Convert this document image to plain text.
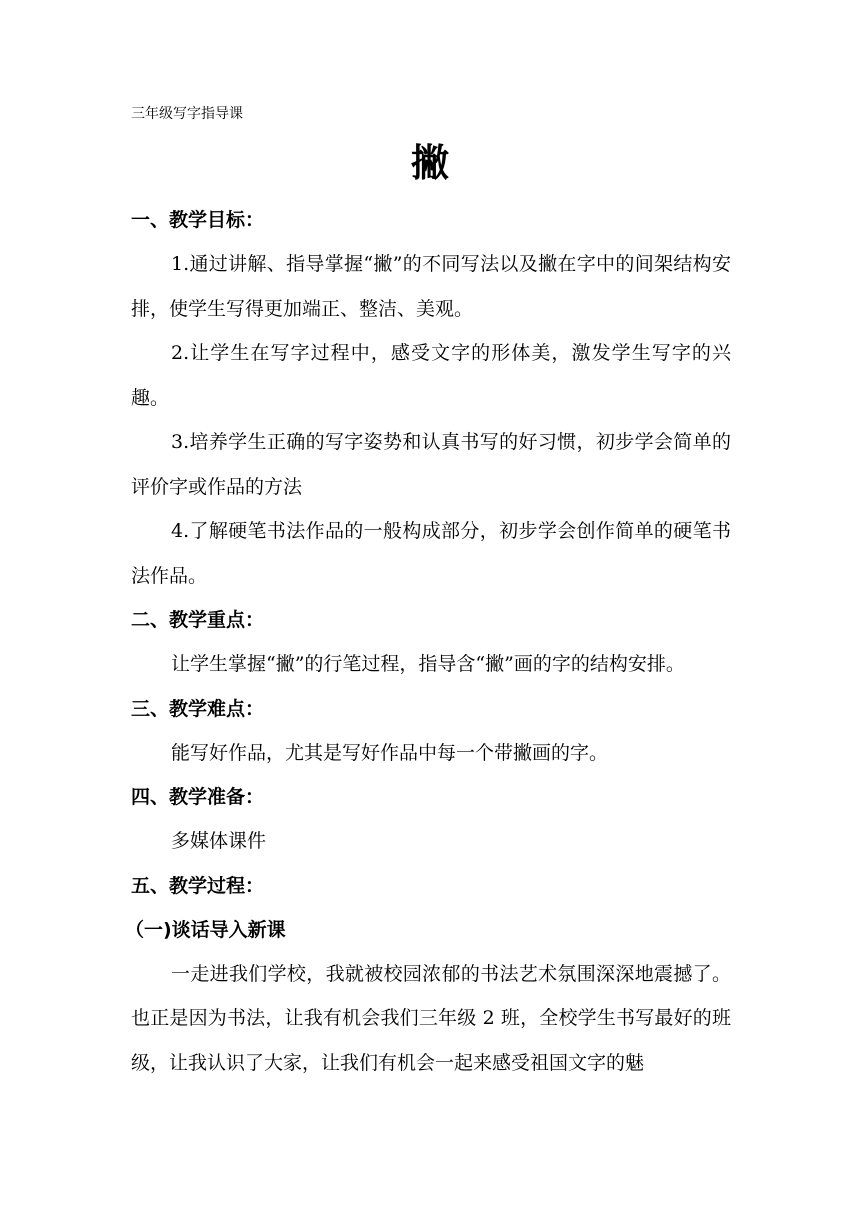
三年级写字指导课
撇

一、教学目标：

1.通过讲解、指导掌握“撇”的不同写法以及撇在字中的间架结构安排，使学生写得更加端正、整洁、美观。

2.让学生在写字过程中，感受文字的形体美，激发学生写字的兴趣。

3.培养学生正确的写字姿势和认真书写的好习惯，初步学会简单的评价字或作品的方法

4.了解硬笔书法作品的一般构成部分，初步学会创作简单的硬笔书法作品。

二、教学重点：

让学生掌握“撇”的行笔过程，指导含“撇”画的字的结构安排。

三、教学难点：

能写好作品，尤其是写好作品中每一个带撇画的字。

四、教学准备：

多媒体课件

五、教学过程：

（一)谈话导入新课

一走进我们学校，我就被校园浓郁的书法艺术氛围深深地震撼了。也正是因为书法，让我有机会我们三年级 2 班，全校学生书写最好的班级，让我认识了大家，让我们有机会一起来感受祖国文字的魅
